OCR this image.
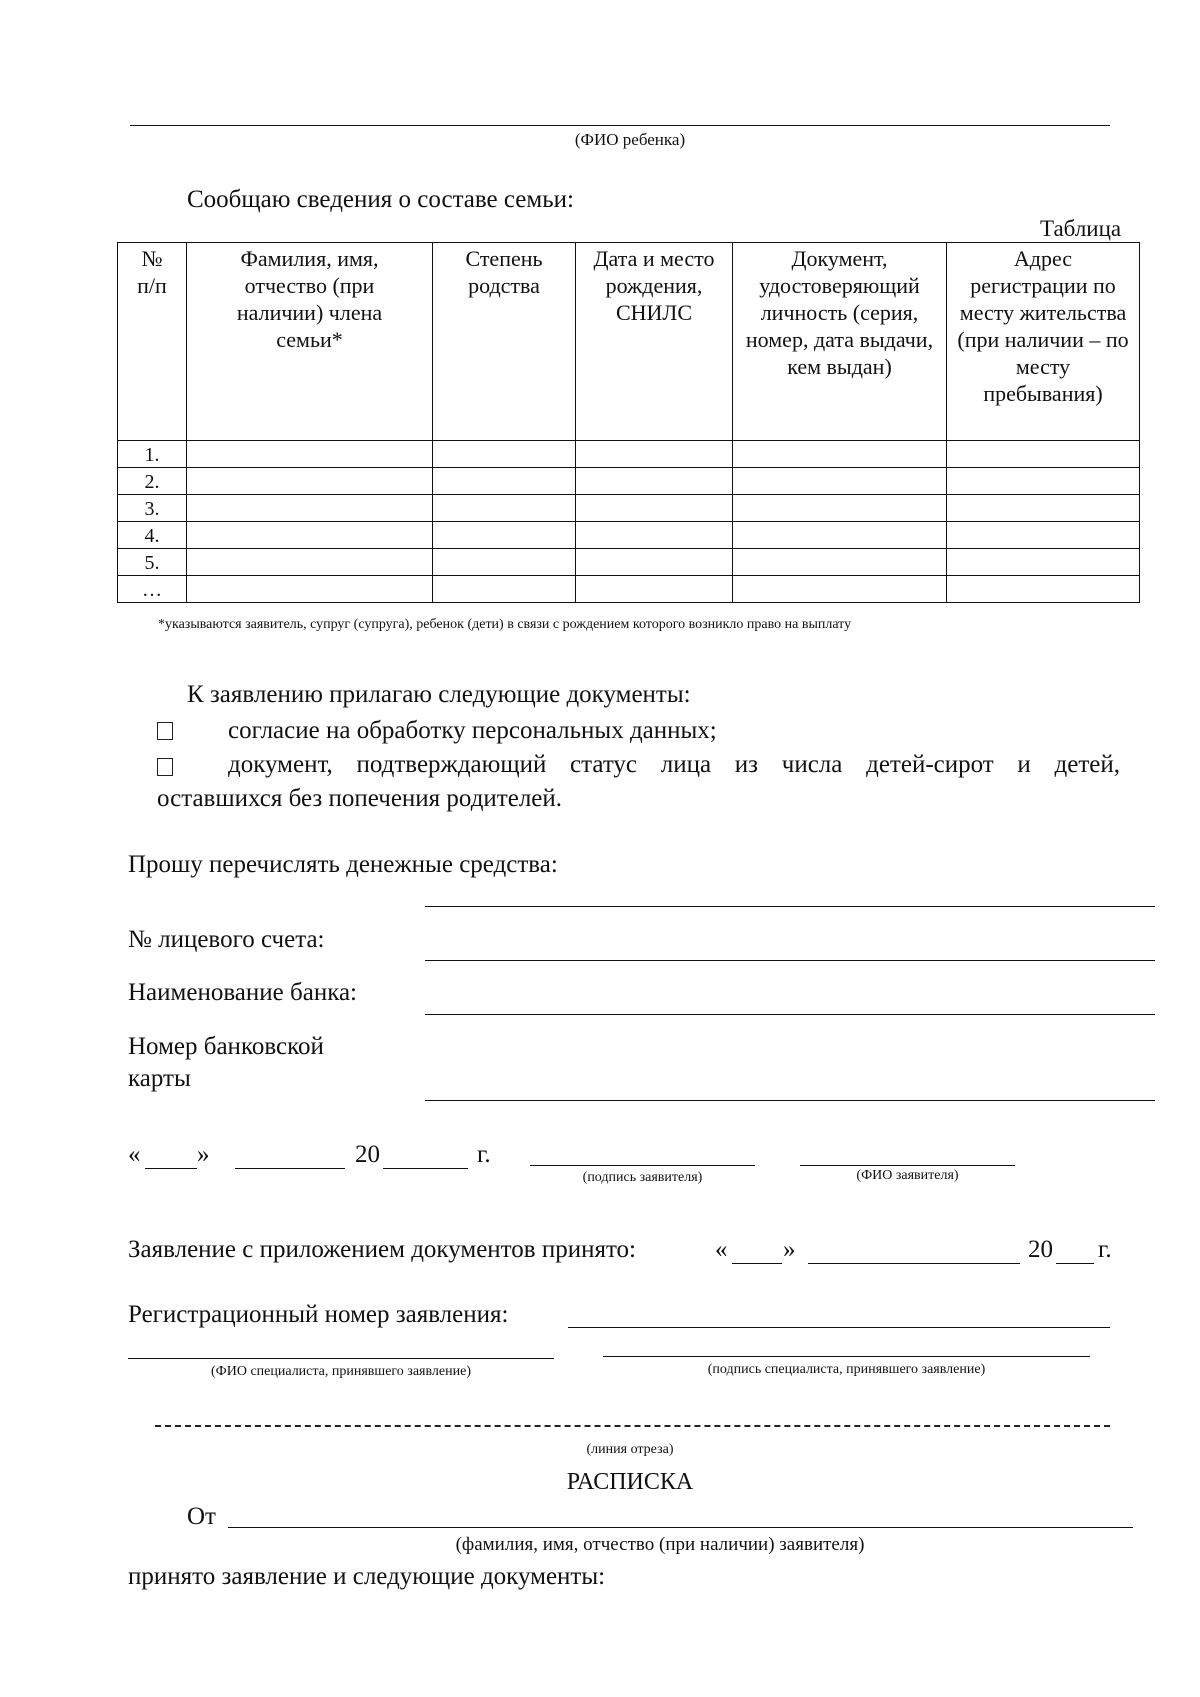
(ФИО ребенка)
Сообщаю сведения о составе семьи:
Таблица
№ п/п	Фамилия, имя, отчество (при наличии) члена семьи*	Степень родства	Дата и место рождения, СНИЛС	Документ, удостоверяющий личность (серия, номер, дата выдачи, кем выдан)	Адрес регистрации по месту жительства (при наличии – по месту пребывания)
1.					
2.					
3.					
4.					
5.					
…					
*указываются заявитель, супруг (супруга), ребенок (дети) в связи с рождением которого возникло право на выплату
К заявлению прилагаю следующие документы:
согласие на обработку персональных данных;
документ, подтверждающий статус лица из числа детей-сирот и детей,
оставшихся без попечения родителей.
Прошу перечислять денежные средства:
№ лицевого счета:
Наименование банка:
Номер банковской
карты
« »	20	г.
(подпись заявителя)	(ФИО заявителя)
Заявление с приложением документов принято:	« »	20 г.
Регистрационный номер заявления:
(ФИО специалиста, принявшего заявление)	(подпись специалиста, принявшего заявление)
(линия отреза)
РАСПИСКА
От
(фамилия, имя, отчество (при наличии) заявителя)
принято заявление и следующие документы:
